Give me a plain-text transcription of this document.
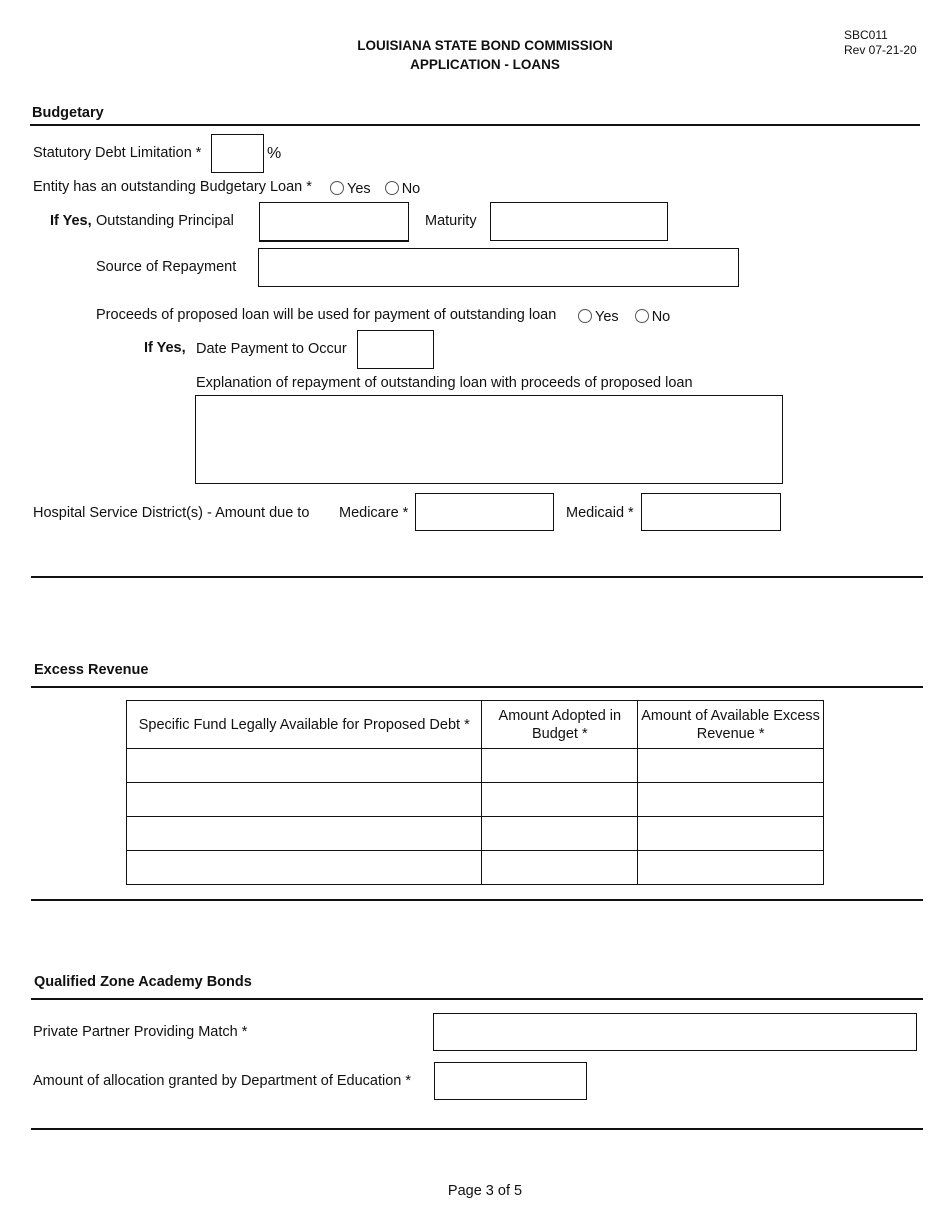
LOUISIANA STATE BOND COMMISSION
APPLICATION - LOANS
SBC011
Rev 07-21-20
Budgetary
Statutory Debt Limitation *	%
Entity has an outstanding Budgetary Loan *	Yes No
If Yes, Outstanding Principal	Maturity
Source of Repayment
Proceeds of proposed loan will be used for payment of outstanding loan	Yes No
If Yes, Date Payment to Occur
Explanation of repayment of outstanding loan with proceeds of proposed loan
Hospital Service District(s) - Amount due to Medicare *	Medicaid *
Excess Revenue
Specific Fund Legally Available for Proposed Debt *	Amount Adopted in Budget *	Amount of Available Excess Revenue *

Qualified Zone Academy Bonds
Private Partner Providing Match *
Amount of allocation granted by Department of Education *
Page 3 of 5
